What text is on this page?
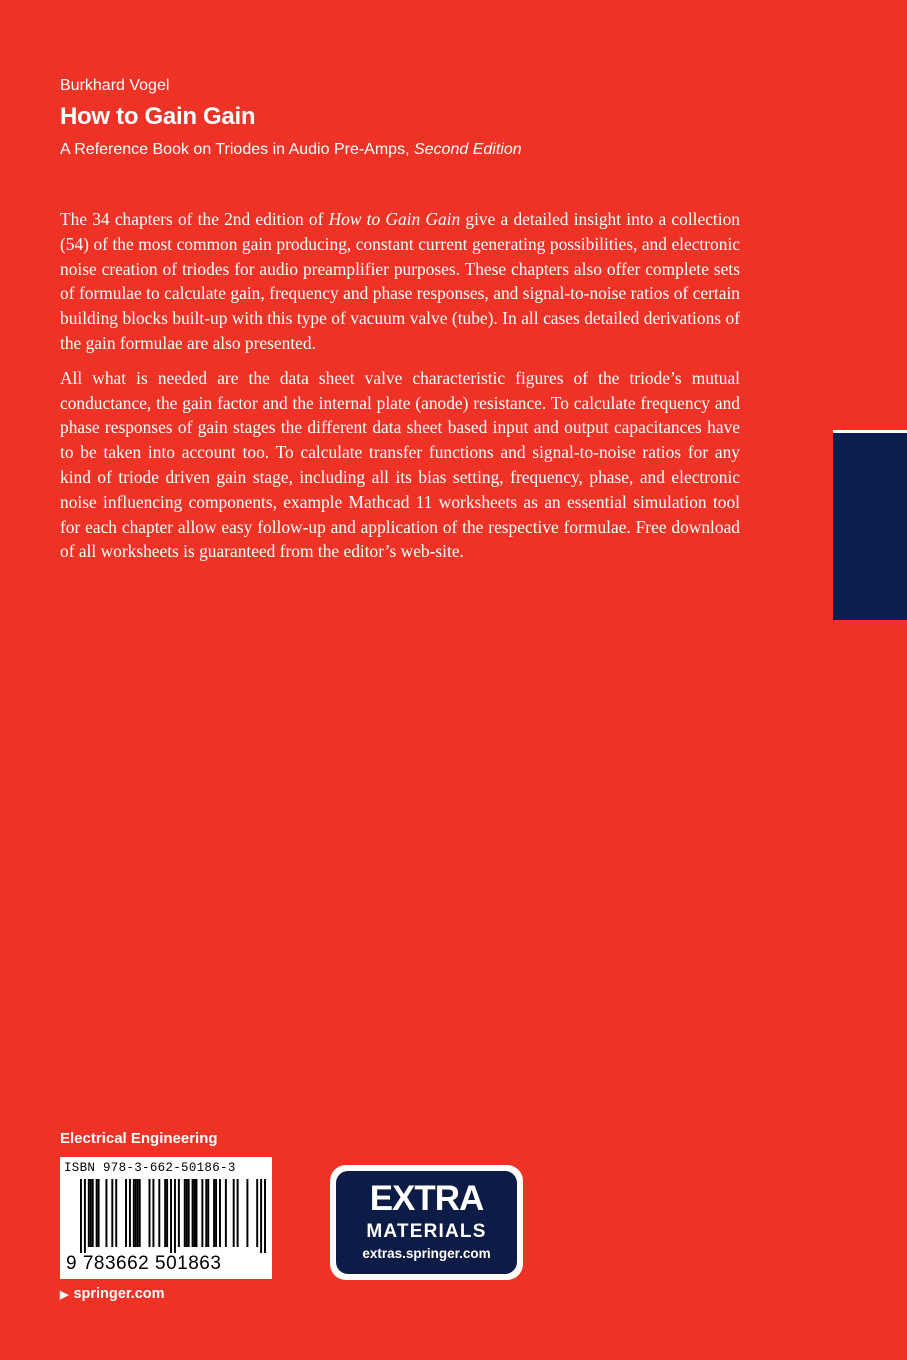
Burkhard Vogel
How to Gain Gain
A Reference Book on Triodes in Audio Pre-Amps, Second Edition

The 34 chapters of the 2nd edition of How to Gain Gain give a detailed insight into a collection (54) of the most common gain producing, constant current generating possibilities, and electronic noise creation of triodes for audio preamplifier purposes. These chapters also offer complete sets of formulae to calculate gain, frequency and phase responses, and signal-to-noise ratios of certain building blocks built-up with this type of vacuum valve (tube). In all cases detailed derivations of the gain formulae are also presented.

All what is needed are the data sheet valve characteristic figures of the triode’s mutual conductance, the gain factor and the internal plate (anode) resistance. To calculate frequency and phase responses of gain stages the different data sheet based input and output capacitances have to be taken into account too. To calculate transfer functions and signal-to-noise ratios for any kind of triode driven gain stage, including all its bias setting, frequency, phase, and electronic noise influencing components, example Mathcad 11 worksheets as an essential simulation tool for each chapter allow easy follow-up and application of the respective formulae. Free download of all worksheets is guaranteed from the editor’s web-site.

Electrical Engineering
ISBN 978-3-662-50186-3
9 783662 501863
▶ springer.com
EXTRA
MATERIALS
extras.springer.com
